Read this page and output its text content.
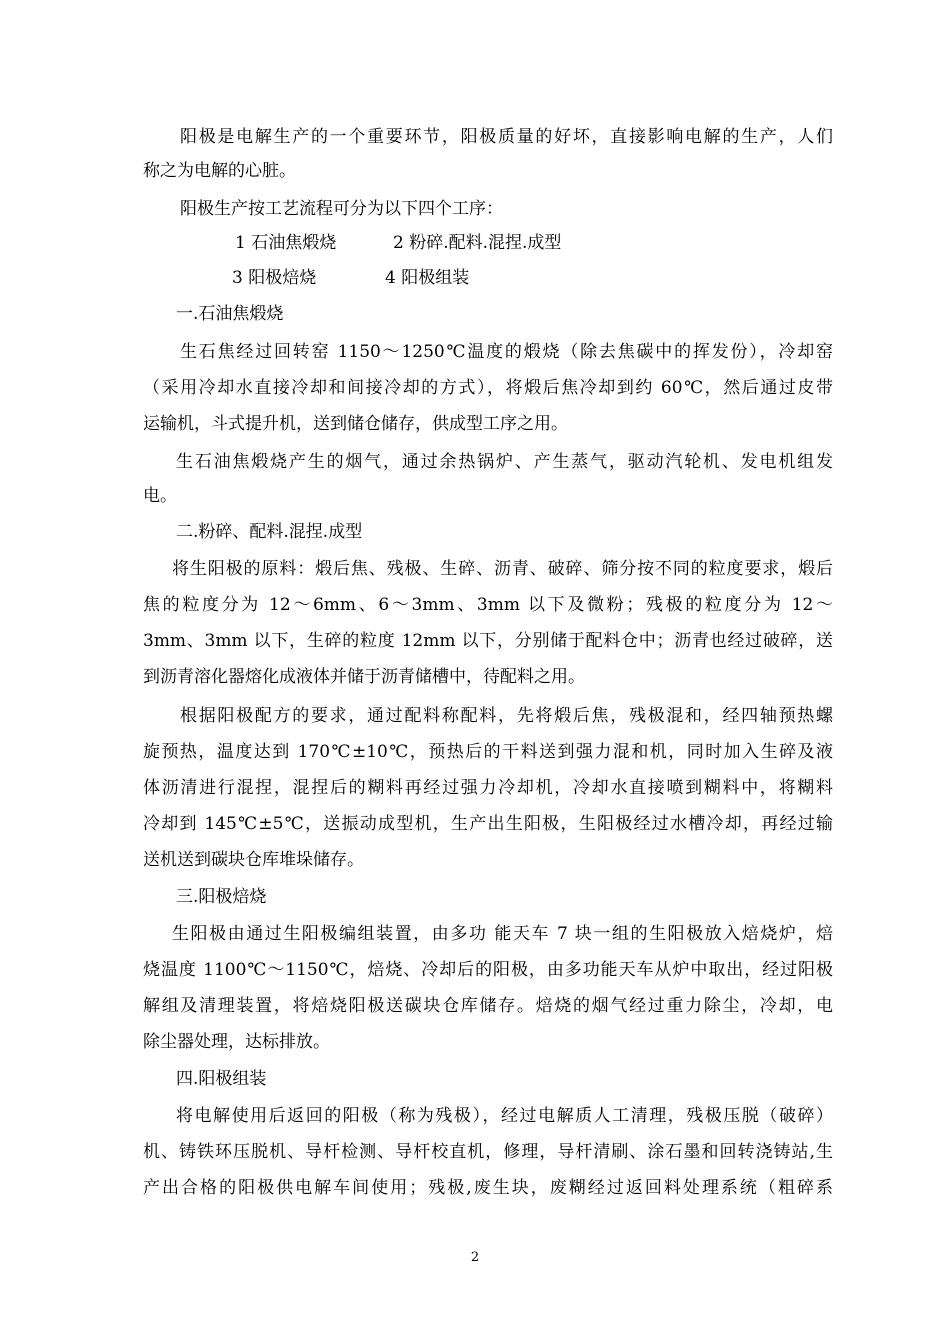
阳极是电解生产的一个重要环节，阳极质量的好坏，直接影响电解的生产，人们
称之为电解的心脏。
阳极生产按工艺流程可分为以下四个工序：
1 石油焦煅烧	2 粉碎.配料.混捏.成型
3 阳极焙烧	4 阳极组装
一.石油焦煅烧
生石焦经过回转窑 1150～1250℃温度的煅烧（除去焦碳中的挥发份），冷却窑
（采用冷却水直接冷却和间接冷却的方式），将煅后焦冷却到约 60℃，然后通过皮带
运输机，斗式提升机，送到储仓储存，供成型工序之用。
生石油焦煅烧产生的烟气，通过余热锅炉、产生蒸气，驱动汽轮机、发电机组发
电。
二.粉碎、配料.混捏.成型
将生阳极的原料：煅后焦、残极、生碎、沥青、破碎、筛分按不同的粒度要求，煅后
焦的粒度分为 12～6mm、6～3mm、3mm 以下及微粉；残极的粒度分为 12～
3mm、3mm 以下，生碎的粒度 12mm 以下，分别储于配料仓中；沥青也经过破碎，送
到沥青溶化器熔化成液体并储于沥青储槽中，待配料之用。
根据阳极配方的要求，通过配料称配料，先将煅后焦，残极混和，经四轴预热螺
旋预热，温度达到 170℃±10℃，预热后的干料送到强力混和机，同时加入生碎及液
体沥清进行混捏，混捏后的糊料再经过强力冷却机，冷却水直接喷到糊料中，将糊料
冷却到 145℃±5℃，送振动成型机，生产出生阳极，生阳极经过水槽冷却，再经过输
送机送到碳块仓库堆垛储存。
三.阳极焙烧
生阳极由通过生阳极编组装置，由多功 能天车 7 块一组的生阳极放入焙烧炉，焙
烧温度 1100℃～1150℃，焙烧、冷却后的阳极，由多功能天车从炉中取出，经过阳极
解组及清理装置，将焙烧阳极送碳块仓库储存。焙烧的烟气经过重力除尘，冷却，电
除尘器处理，达标排放。
四.阳极组装
将电解使用后返回的阳极（称为残极），经过电解质人工清理，残极压脱（破碎）
机、铸铁环压脱机、导杆检测、导杆校直机，修理，导杆清刷、涂石墨和回转浇铸站,生
产出合格的阳极供电解车间使用；残极,废生块，废糊经过返回料处理系统（粗碎系
2
